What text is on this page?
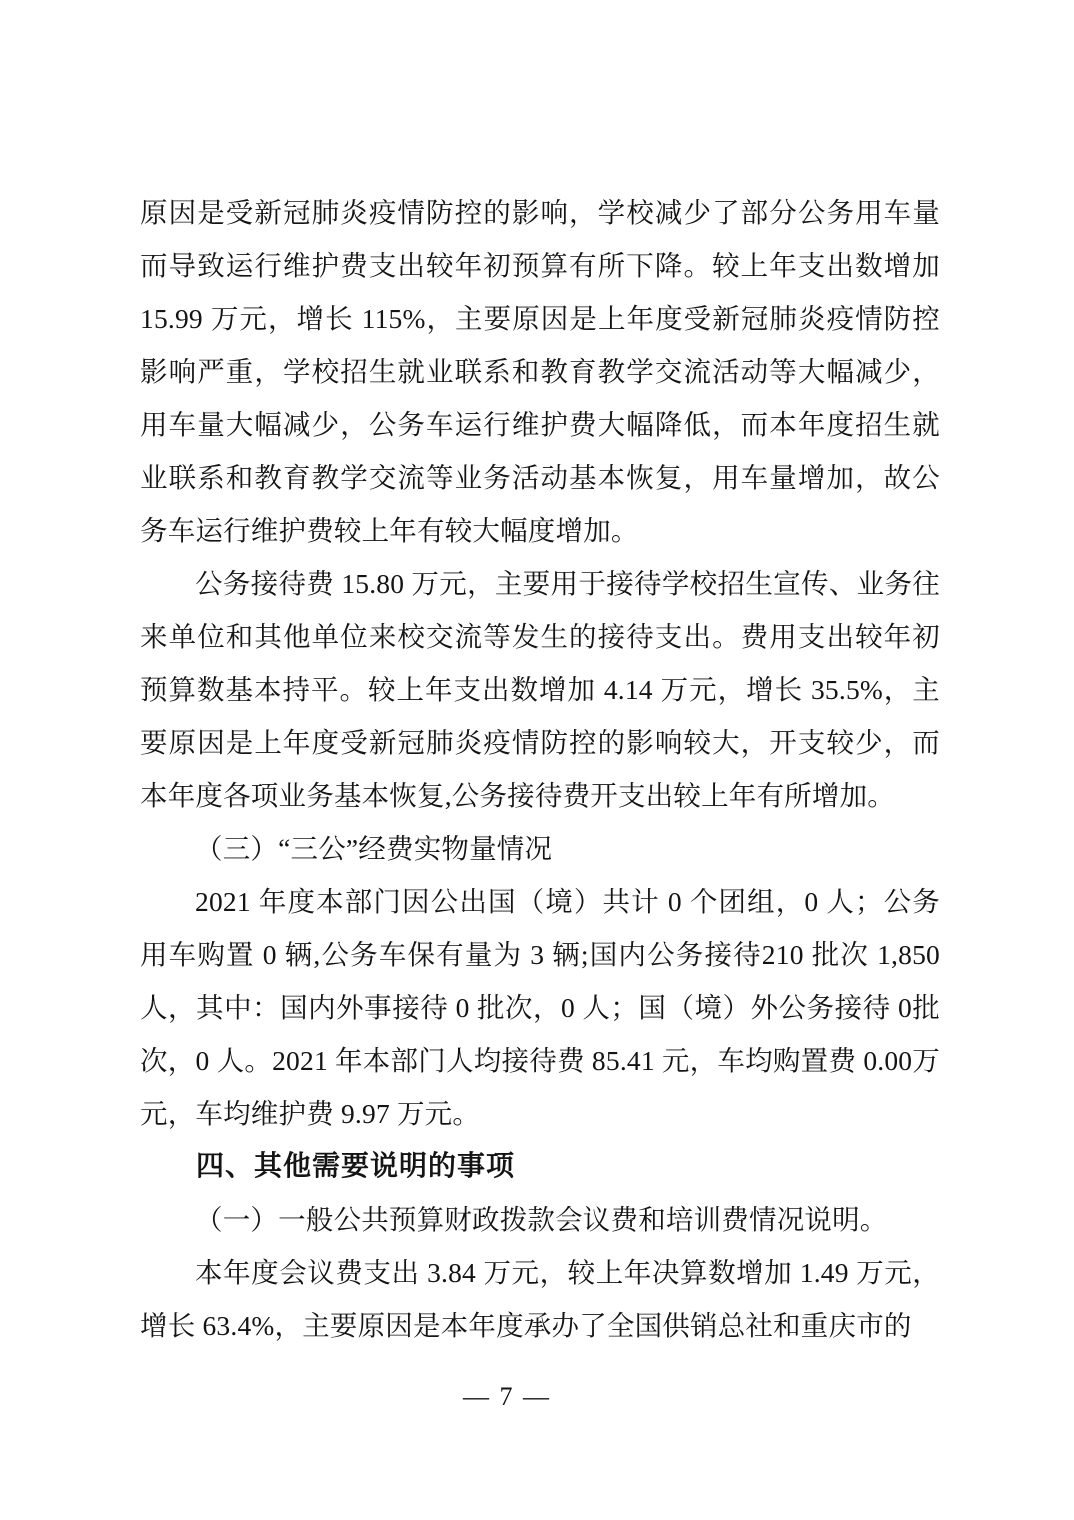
原因是受新冠肺炎疫情防控的影响，学校减少了部分公务用车量而导致运行维护费支出较年初预算有所下降。较上年支出数增加15.99 万元，增长 115%，主要原因是上年度受新冠肺炎疫情防控影响严重，学校招生就业联系和教育教学交流活动等大幅减少，用车量大幅减少，公务车运行维护费大幅降低，而本年度招生就业联系和教育教学交流等业务活动基本恢复，用车量增加，故公务车运行维护费较上年有较大幅度增加。

公务接待费 15.80 万元，主要用于接待学校招生宣传、业务往来单位和其他单位来校交流等发生的接待支出。费用支出较年初预算数基本持平。较上年支出数增加 4.14 万元，增长 35.5%，主要原因是上年度受新冠肺炎疫情防控的影响较大，开支较少，而本年度各项业务基本恢复,公务接待费开支出较上年有所增加。

（三）“三公”经费实物量情况

2021 年度本部门因公出国（境）共计 0 个团组，0 人；公务用车购置 0 辆,公务车保有量为 3 辆;国内公务接待210 批次 1,850人，其中：国内外事接待 0 批次，0 人；国（境）外公务接待 0批次，0 人。2021 年本部门人均接待费 85.41 元，车均购置费 0.00万元，车均维护费 9.97 万元。

四、其他需要说明的事项

（一）一般公共预算财政拨款会议费和培训费情况说明。

本年度会议费支出 3.84 万元，较上年决算数增加 1.49 万元，增长 63.4%，主要原因是本年度承办了全国供销总社和重庆市的

— 7 —
